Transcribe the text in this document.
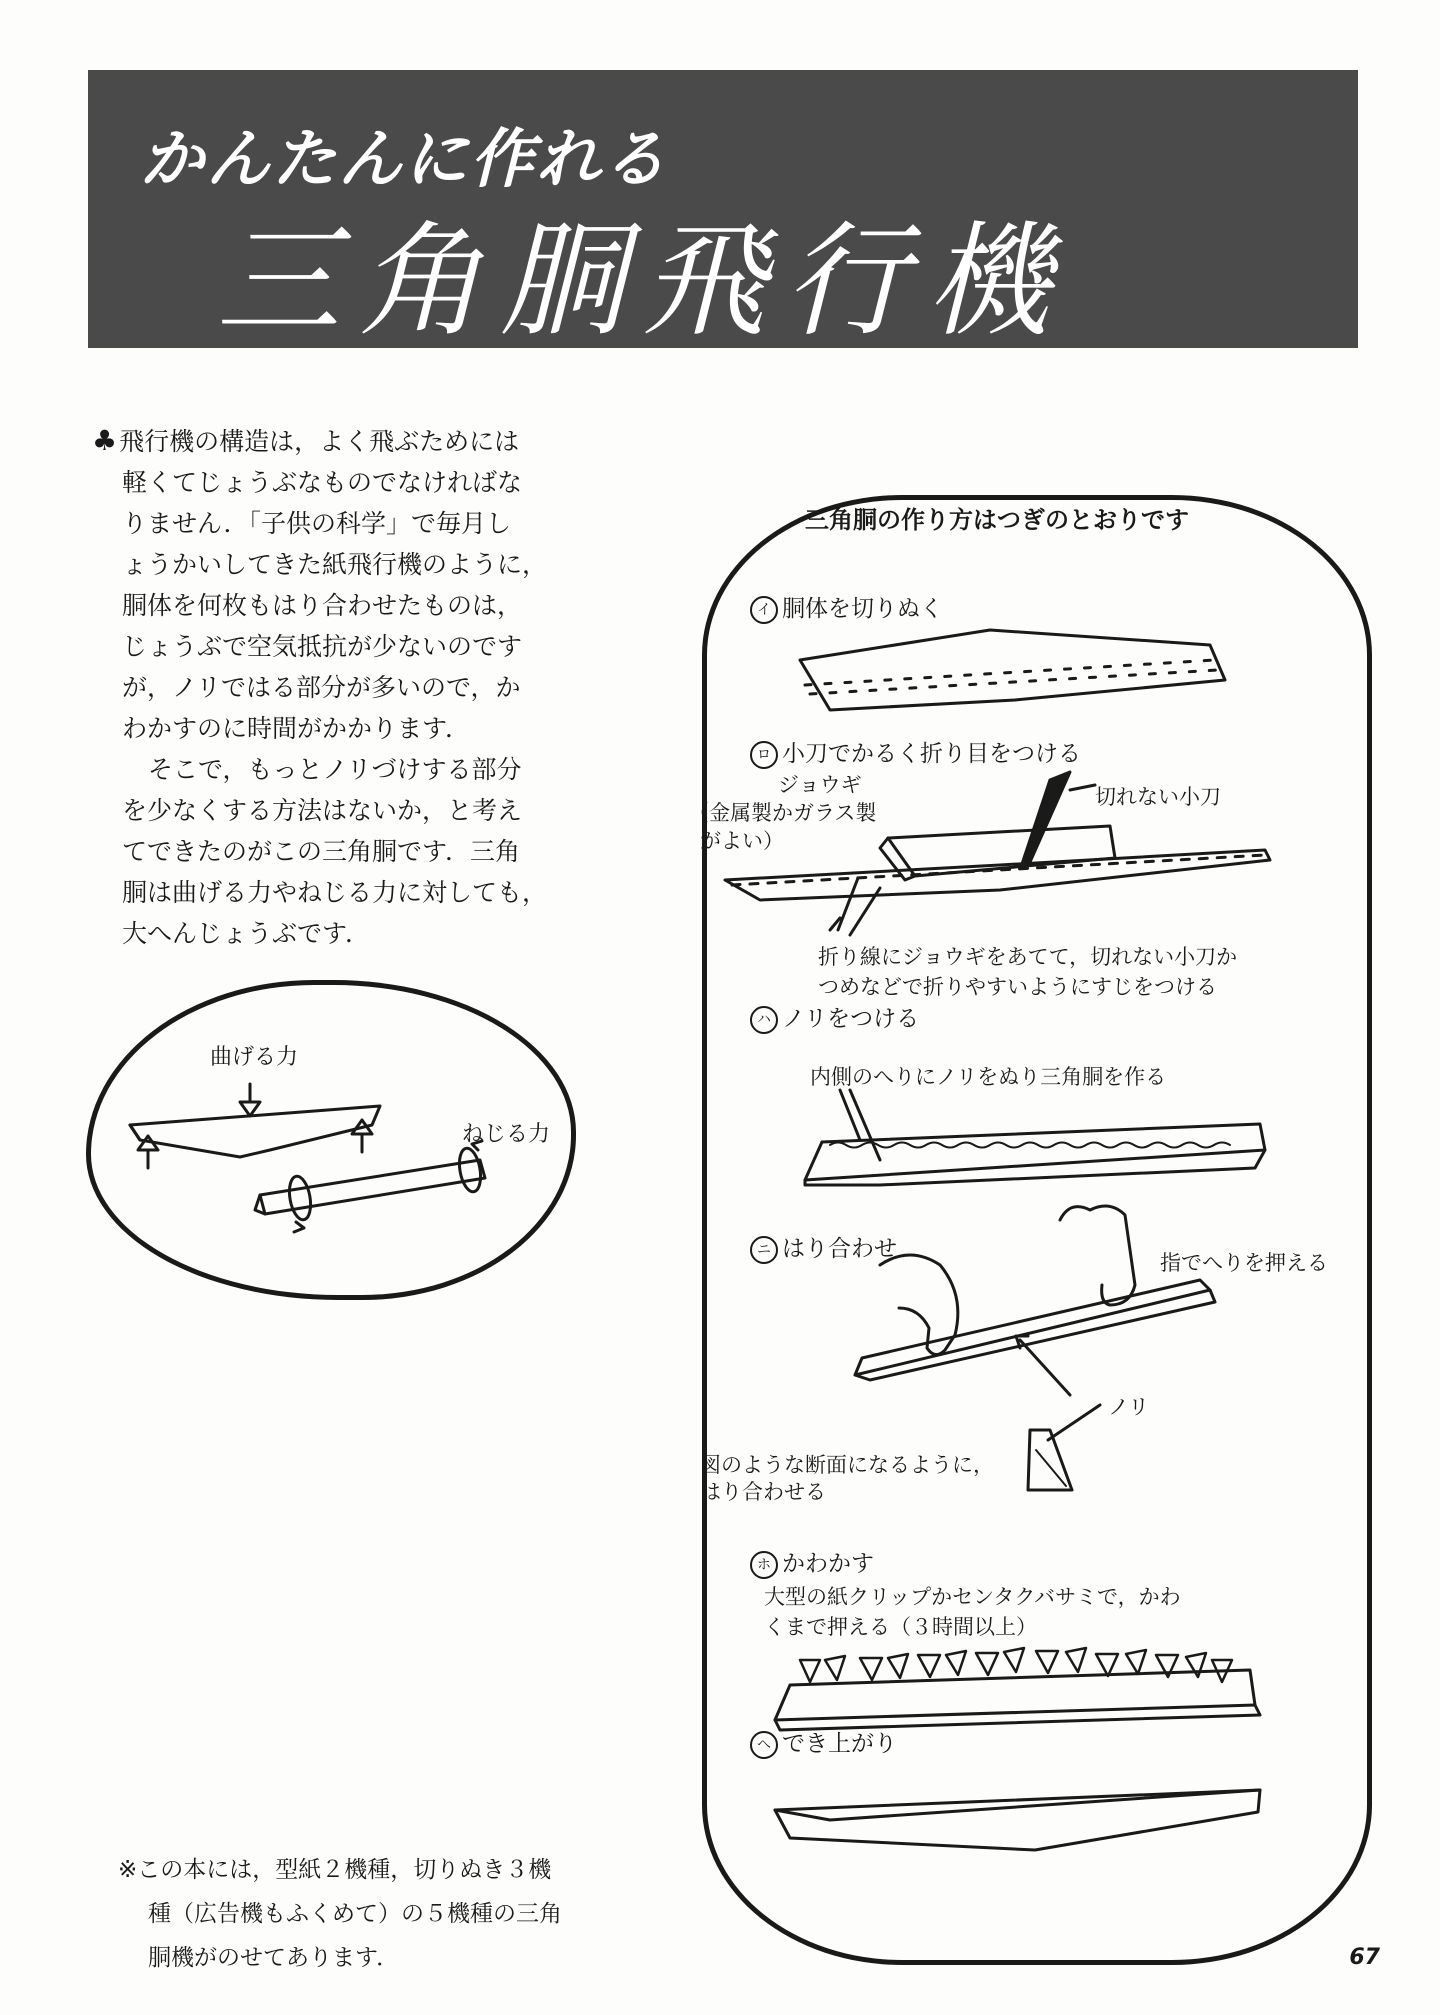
かんたんに作れる
三角胴飛行機

♣飛行機の構造は，よく飛ぶためには

軽くてじょうぶなものでなければな

りません．「子供の科学」で毎月し

ょうかいしてきた紙飛行機のように，

胴体を何枚もはり合わせたものは，

じょうぶで空気抵抗が少ないのです

が，ノリではる部分が多いので，か

わかすのに時間がかかります．

そこで，もっとノリづけする部分

を少なくする方法はないか，と考え

てできたのがこの三角胴です．三角

胴は曲げる力やねじる力に対しても，

大へんじょうぶです．

曲げる力
ねじる力
三角胴の作り方はつぎのとおりです
イ 胴体を切りぬく
ロ 小刀でかるく折り目をつける
ジョウギ
（金属製かガラス製
がよい）
切れない小刀
折り線にジョウギをあてて，切れない小刀か
つめなどで折りやすいようにすじをつける
ハ ノリをつける
内側のへりにノリをぬり三角胴を作る
ニ はり合わせ
指でへりを押える
ノリ
図のような断面になるように，
はり合わせる
ホ かわかす
大型の紙クリップかセンタクバサミで，かわ
くまで押える（３時間以上）
へ でき上がり
※この本には，型紙２機種，切りぬき３機
種（広告機もふくめて）の５機種の三角
胴機がのせてあります．	67
